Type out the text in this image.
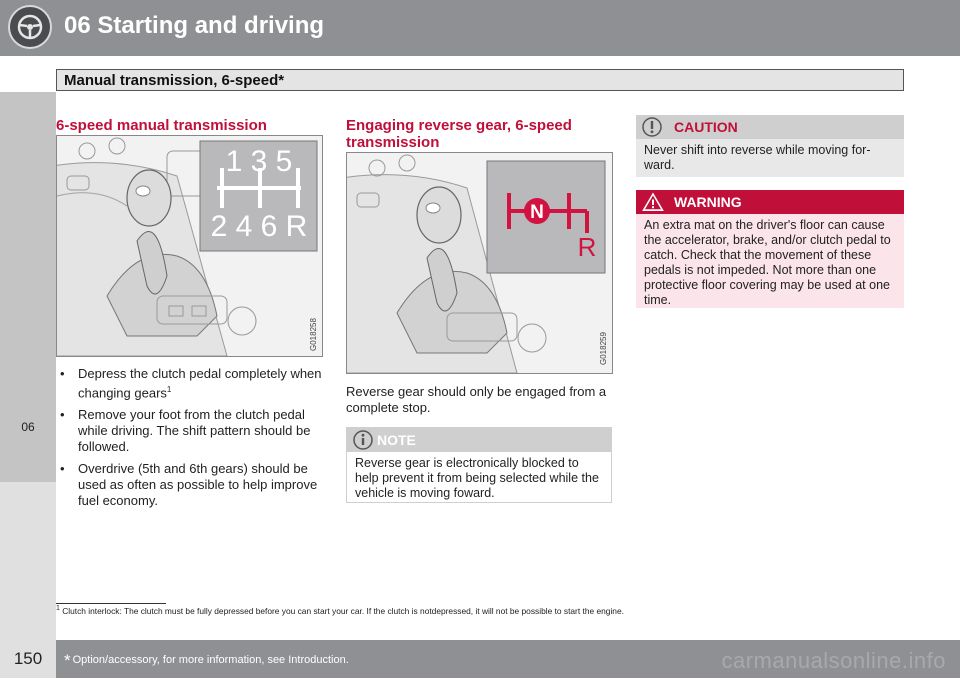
06 Starting and driving
Manual transmission, 6-speed*
06
6-speed manual transmission
1 3 5
2 4 6 R
G018258
• Depress the clutch pedal completely when changing gears$^1$
• Remove your foot from the clutch pedal while driving. The shift pattern should be followed.
• Overdrive (5th and 6th gears) should be used as often as possible to help improve fuel economy.
Engaging reverse gear, 6-speed transmission
N
R
G018259
Reverse gear should only be engaged from a complete stop.
NOTE
Reverse gear is electronically blocked to help prevent it from being selected while the vehicle is moving foward.
CAUTION
Never shift into reverse while moving forward.
WARNING
An extra mat on the driver's floor can cause the accelerator, brake, and/or clutch pedal to catch. Check that the movement of these pedals is not impeded. Not more than one protective floor covering may be used at one time.
$^1$ Clutch interlock: The clutch must be fully depressed before you can start your car. If the clutch is notdepressed, it will not be possible to start the engine.
150	* Option/accessory, for more information, see Introduction.	carmanualsonline.info
